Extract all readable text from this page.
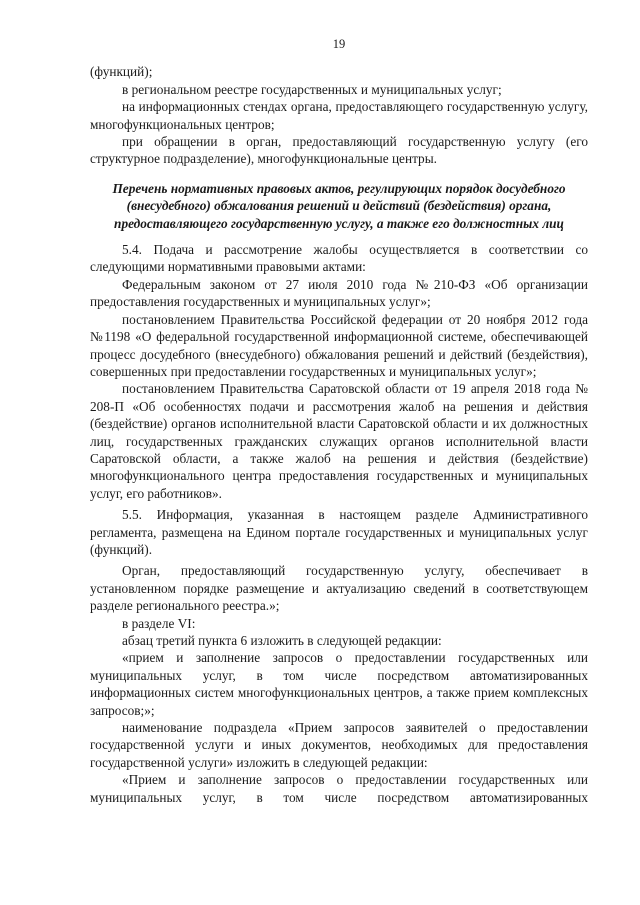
19

(функций);

в региональном реестре государственных и муниципальных услуг;

на информационных стендах органа, предоставляющего государственную услугу, многофункциональных центров;

при обращении в орган, предоставляющий государственную услугу (его структурное подразделение), многофункциональные центры.

Перечень нормативных правовых актов, регулирующих порядок досудебного (внесудебного) обжалования решений и действий (бездействия) органа, предоставляющего государственную услугу, а также его должностных лиц

5.4. Подача и рассмотрение жалобы осуществляется в соответствии со следующими нормативными правовыми актами:

Федеральным законом от 27 июля 2010 года №210-ФЗ «Об организации предоставления государственных и муниципальных услуг»;

постановлением Правительства Российской федерации от 20 ноября 2012 года №1198 «О федеральной государственной информационной системе, обеспечивающей процесс досудебного (внесудебного) обжалования решений и действий (бездействия), совершенных при предоставлении государственных и муниципальных услуг»;

постановлением Правительства Саратовской области от 19 апреля 2018 года № 208-П «Об особенностях подачи и рассмотрения жалоб на решения и действия (бездействие) органов исполнительной власти Саратовской области и их должностных лиц, государственных гражданских служащих органов исполнительной власти Саратовской области, а также жалоб на решения и действия (бездействие) многофункционального центра предоставления государственных и муниципальных услуг, его работников».

5.5. Информация, указанная в настоящем разделе Административного регламента, размещена на Едином портале государственных и муниципальных услуг (функций).

Орган, предоставляющий государственную услугу, обеспечивает в установленном порядке размещение и актуализацию сведений в соответствующем разделе регионального реестра.»;

в разделе VI:

абзац третий пункта 6 изложить в следующей редакции:

«прием и заполнение запросов о предоставлении государственных или муниципальных услуг, в том числе посредством автоматизированных информационных систем многофункциональных центров, а также прием комплексных запросов;»;

наименование подраздела «Прием запросов заявителей о предоставлении государственной услуги и иных документов, необходимых для предоставления государственной услуги» изложить в следующей редакции:

«Прием и заполнение запросов о предоставлении государственных или муниципальных услуг, в том числе посредством автоматизированных
